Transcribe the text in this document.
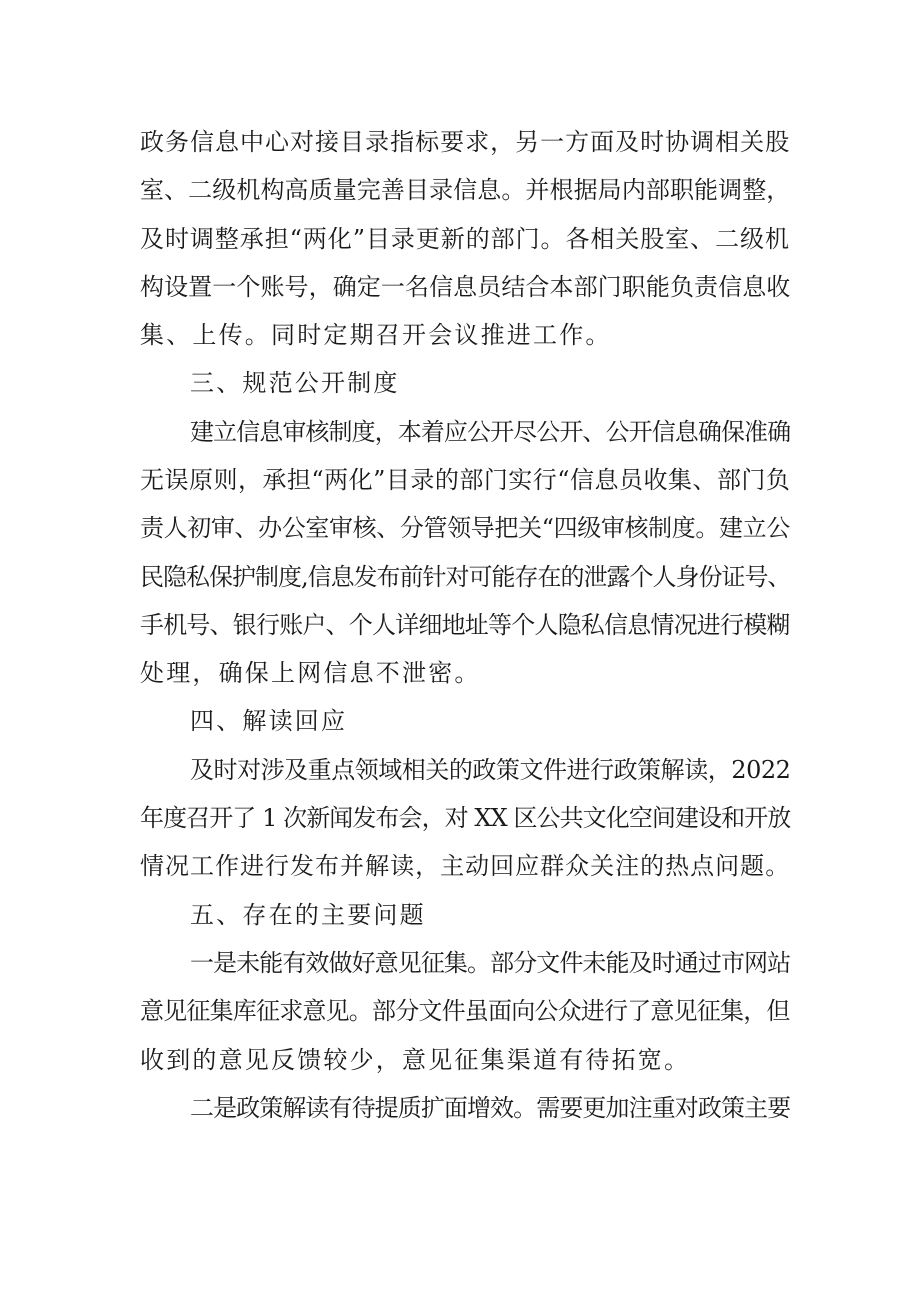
政务信息中心对接目录指标要求，另一方面及时协调相关股
室、二级机构高质量完善目录信息。并根据局内部职能调整，
及时调整承担“两化”目录更新的部门。各相关股室、二级机
构设置一个账号，确定一名信息员结合本部门职能负责信息收
集、上传。同时定期召开会议推进工作。
三、规范公开制度
建立信息审核制度，本着应公开尽公开、公开信息确保准确
无误原则，承担“两化”目录的部门实行“信息员收集、部门负
责人初审、办公室审核、分管领导把关“四级审核制度。建立公
民隐私保护制度,信息发布前针对可能存在的泄露个人身份证号、
手机号、银行账户、个人详细地址等个人隐私信息情况进行模糊
处理，确保上网信息不泄密。
四、解读回应
及时对涉及重点领域相关的政策文件进行政策解读，2022
年度召开了 1 次新闻发布会，对 XX 区公共文化空间建设和开放
情况工作进行发布并解读，主动回应群众关注的热点问题。
五、存在的主要问题
一是未能有效做好意见征集。部分文件未能及时通过市网站
意见征集库征求意见。部分文件虽面向公众进行了意见征集，但
收到的意见反馈较少，意见征集渠道有待拓宽。
二是政策解读有待提质扩面增效。需要更加注重对政策主要
